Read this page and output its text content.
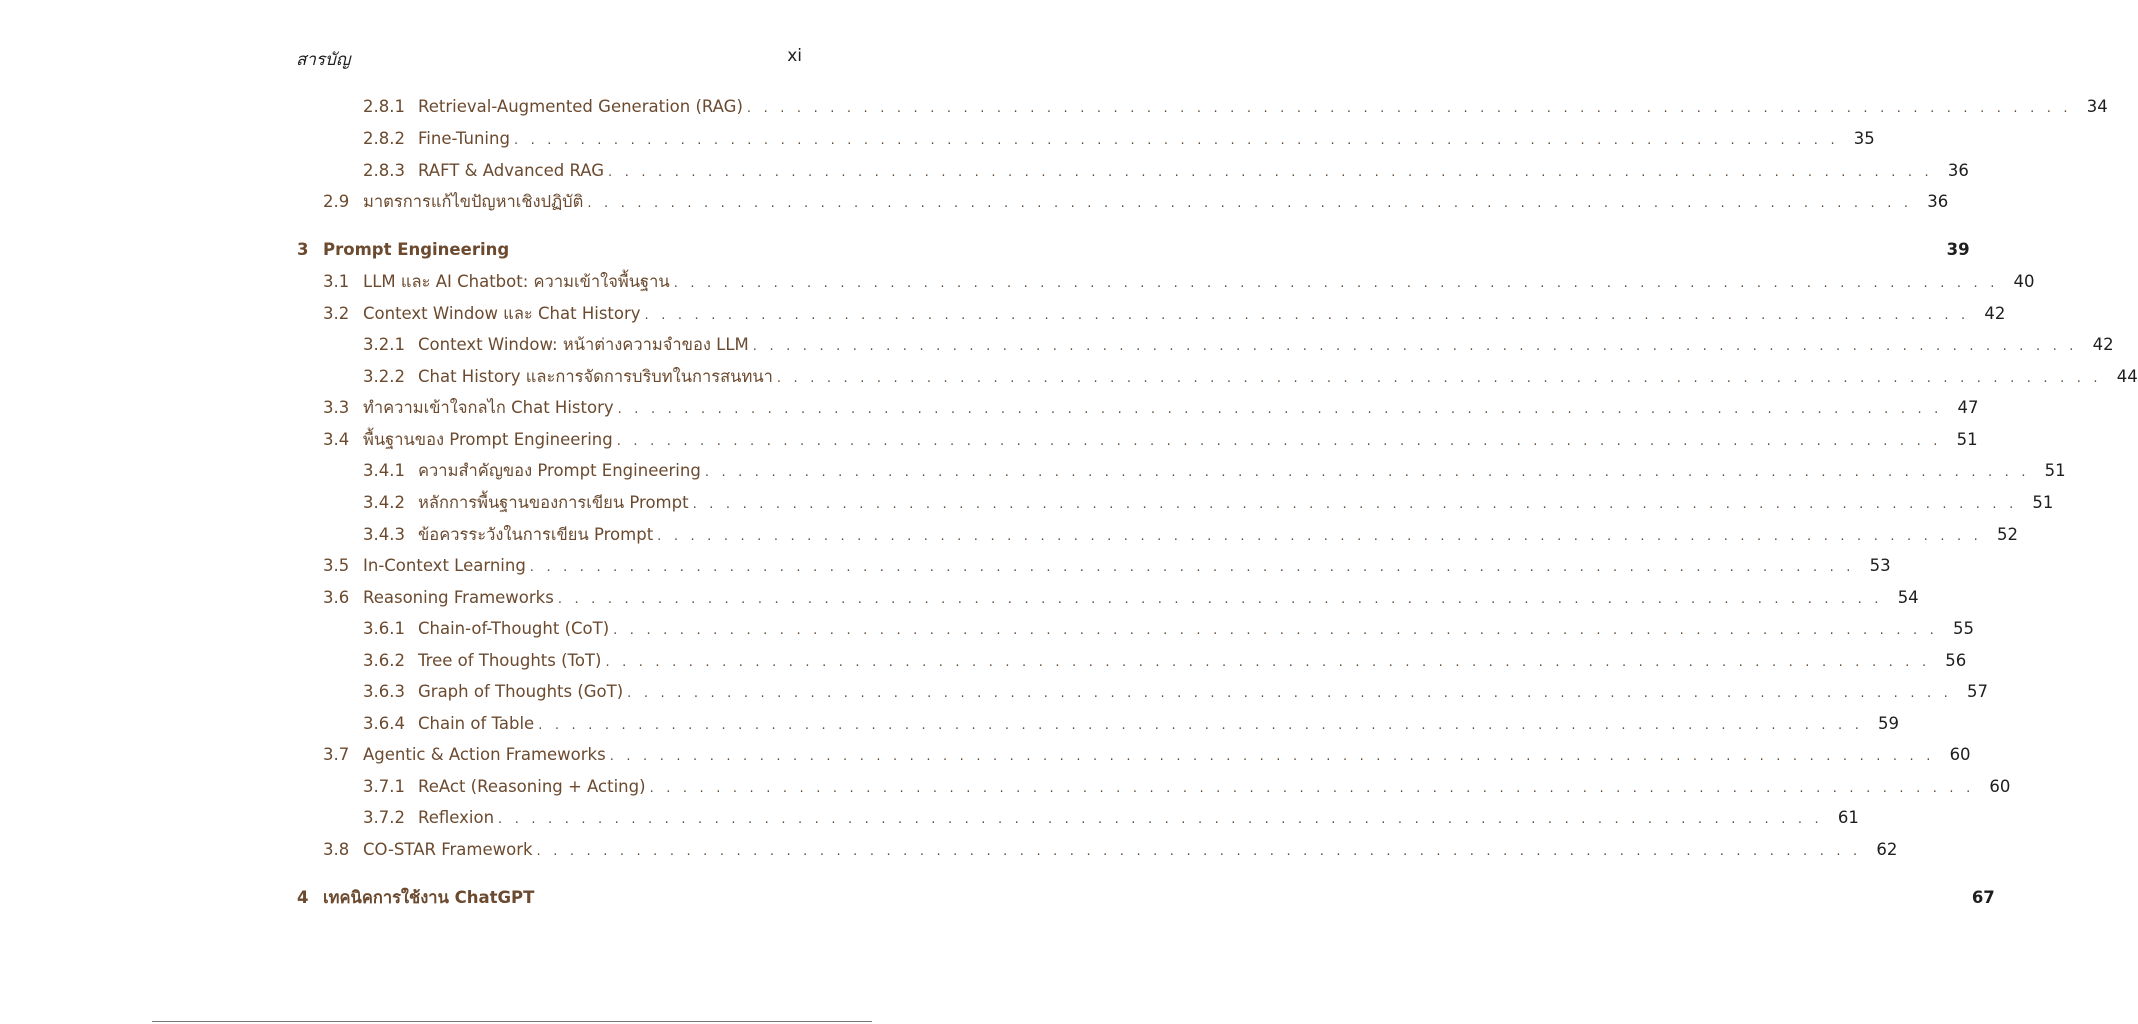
สารบัญ	xi
2.8.1 Retrieval-Augmented Generation (RAG) . . . . . . . . . . . . . . . . . . . . . . . . . . . . . . . . . . . . . . . . . . . . . . . . . . . . . . . . . . . . . . . . . . . . . . . . . . . . . . . . 34
2.8.2 Fine-Tuning . . . . . . . . . . . . . . . . . . . . . . . . . . . . . . . . . . . . . . . . . . . . . . . . . . . . . . . . . . . . . . . . . . . . . . . . . . . . . . . . 35
2.8.3 RAFT & Advanced RAG . . . . . . . . . . . . . . . . . . . . . . . . . . . . . . . . . . . . . . . . . . . . . . . . . . . . . . . . . . . . . . . . . . . . . . . . . . . . . . . . 36
2.9 มาตรการแก้ไขปัญหาเชิงปฏิบัติ . . . . . . . . . . . . . . . . . . . . . . . . . . . . . . . . . . . . . . . . . . . . . . . . . . . . . . . . . . . . . . . . . . . . . . . . . . . . . . . . 36
3 Prompt Engineering	39
3.1 LLM และ AI Chatbot: ความเข้าใจพื้นฐาน . . . . . . . . . . . . . . . . . . . . . . . . . . . . . . . . . . . . . . . . . . . . . . . . . . . . . . . . . . . . . . . . . . . . . . . . . . . . . . . . 40
3.2 Context Window และ Chat History . . . . . . . . . . . . . . . . . . . . . . . . . . . . . . . . . . . . . . . . . . . . . . . . . . . . . . . . . . . . . . . . . . . . . . . . . . . . . . . . 42
3.2.1 Context Window: หน้าต่างความจำของ LLM . . . . . . . . . . . . . . . . . . . . . . . . . . . . . . . . . . . . . . . . . . . . . . . . . . . . . . . . . . . . . . . . . . . . . . . . . . . . . . . . 42
3.2.2 Chat History และการจัดการบริบทในการสนทนา . . . . . . . . . . . . . . . . . . . . . . . . . . . . . . . . . . . . . . . . . . . . . . . . . . . . . . . . . . . . . . . . . . . . . . . . . . . . . . . . 44
3.3 ทำความเข้าใจกลไก Chat History . . . . . . . . . . . . . . . . . . . . . . . . . . . . . . . . . . . . . . . . . . . . . . . . . . . . . . . . . . . . . . . . . . . . . . . . . . . . . . . . 47
3.4 พื้นฐานของ Prompt Engineering . . . . . . . . . . . . . . . . . . . . . . . . . . . . . . . . . . . . . . . . . . . . . . . . . . . . . . . . . . . . . . . . . . . . . . . . . . . . . . . . 51
3.4.1 ความสำคัญของ Prompt Engineering . . . . . . . . . . . . . . . . . . . . . . . . . . . . . . . . . . . . . . . . . . . . . . . . . . . . . . . . . . . . . . . . . . . . . . . . . . . . . . . . 51
3.4.2 หลักการพื้นฐานของการเขียน Prompt . . . . . . . . . . . . . . . . . . . . . . . . . . . . . . . . . . . . . . . . . . . . . . . . . . . . . . . . . . . . . . . . . . . . . . . . . . . . . . . . 51
3.4.3 ข้อควรระวังในการเขียน Prompt . . . . . . . . . . . . . . . . . . . . . . . . . . . . . . . . . . . . . . . . . . . . . . . . . . . . . . . . . . . . . . . . . . . . . . . . . . . . . . . . 52
3.5 In-Context Learning . . . . . . . . . . . . . . . . . . . . . . . . . . . . . . . . . . . . . . . . . . . . . . . . . . . . . . . . . . . . . . . . . . . . . . . . . . . . . . . . 53
3.6 Reasoning Frameworks . . . . . . . . . . . . . . . . . . . . . . . . . . . . . . . . . . . . . . . . . . . . . . . . . . . . . . . . . . . . . . . . . . . . . . . . . . . . . . . . 54
3.6.1 Chain-of-Thought (CoT) . . . . . . . . . . . . . . . . . . . . . . . . . . . . . . . . . . . . . . . . . . . . . . . . . . . . . . . . . . . . . . . . . . . . . . . . . . . . . . . . 55
3.6.2 Tree of Thoughts (ToT) . . . . . . . . . . . . . . . . . . . . . . . . . . . . . . . . . . . . . . . . . . . . . . . . . . . . . . . . . . . . . . . . . . . . . . . . . . . . . . . . 56
3.6.3 Graph of Thoughts (GoT) . . . . . . . . . . . . . . . . . . . . . . . . . . . . . . . . . . . . . . . . . . . . . . . . . . . . . . . . . . . . . . . . . . . . . . . . . . . . . . . . 57
3.6.4 Chain of Table . . . . . . . . . . . . . . . . . . . . . . . . . . . . . . . . . . . . . . . . . . . . . . . . . . . . . . . . . . . . . . . . . . . . . . . . . . . . . . . . 59
3.7 Agentic & Action Frameworks . . . . . . . . . . . . . . . . . . . . . . . . . . . . . . . . . . . . . . . . . . . . . . . . . . . . . . . . . . . . . . . . . . . . . . . . . . . . . . . . 60
3.7.1 ReAct (Reasoning + Acting) . . . . . . . . . . . . . . . . . . . . . . . . . . . . . . . . . . . . . . . . . . . . . . . . . . . . . . . . . . . . . . . . . . . . . . . . . . . . . . . . 60
3.7.2 Reflexion . . . . . . . . . . . . . . . . . . . . . . . . . . . . . . . . . . . . . . . . . . . . . . . . . . . . . . . . . . . . . . . . . . . . . . . . . . . . . . . . 61
3.8 CO-STAR Framework . . . . . . . . . . . . . . . . . . . . . . . . . . . . . . . . . . . . . . . . . . . . . . . . . . . . . . . . . . . . . . . . . . . . . . . . . . . . . . . . 62
4 เทคนิคการใช้งาน ChatGPT	67
